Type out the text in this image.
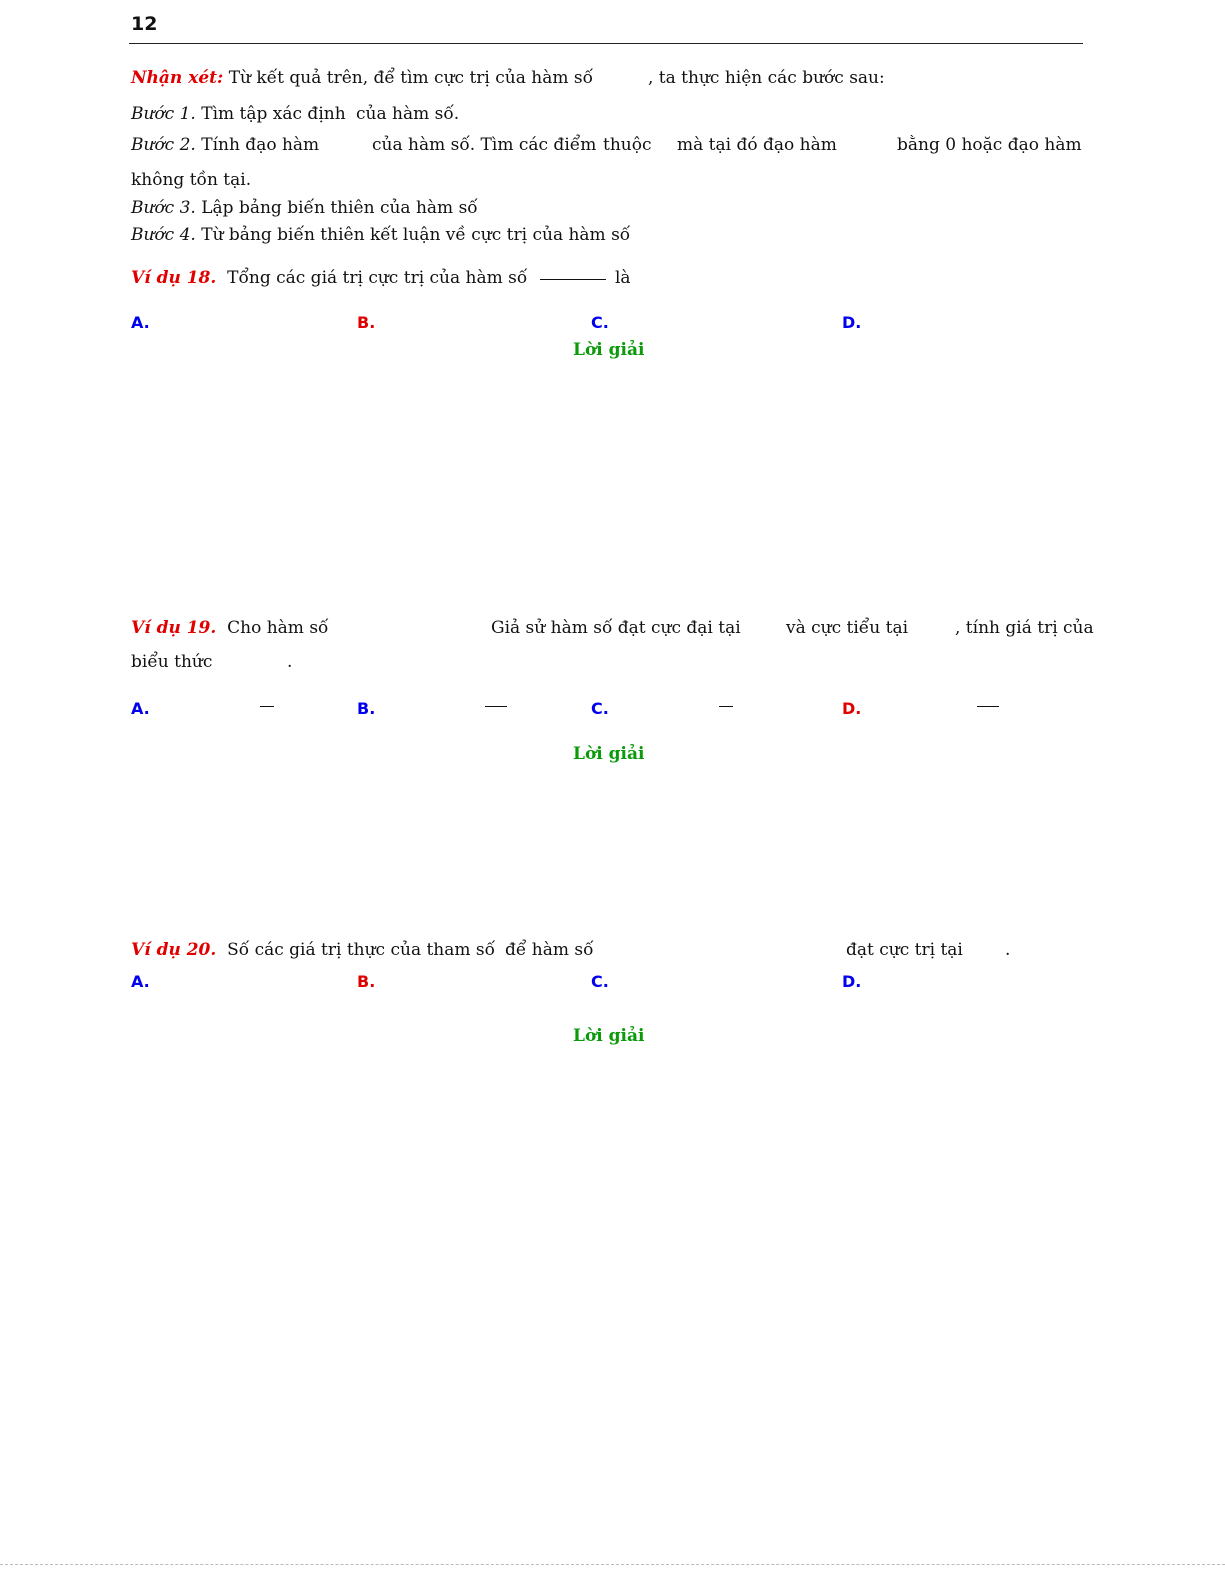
12
Nhận xét: Từ kết quả trên, để tìm cực trị của hàm số	, ta thực hiện các bước sau:
Bước 1. Tìm tập xác định của hàm số.
Bước 2. Tính đạo hàm	của hàm số. Tìm các điểm thuộc mà tại đó đạo hàm	bằng 0 hoặc đạo hàm
không tồn tại.
Bước 3. Lập bảng biến thiên của hàm số
Bước 4. Từ bảng biến thiên kết luận về cực trị của hàm số
Ví dụ 18. Tổng các giá trị cực trị của hàm số	là
A.	B.	C.	D.
Lời giải
Ví dụ 19. Cho hàm số	Giả sử hàm số đạt cực đại tại	và cực tiểu tại	, tính giá trị của
biểu thức	.
A.	B.	C.	D.
Lời giải
Ví dụ 20. Số các giá trị thực của tham số để hàm số	đạt cực trị tại .
A.	B.	C.	D.
Lời giải
